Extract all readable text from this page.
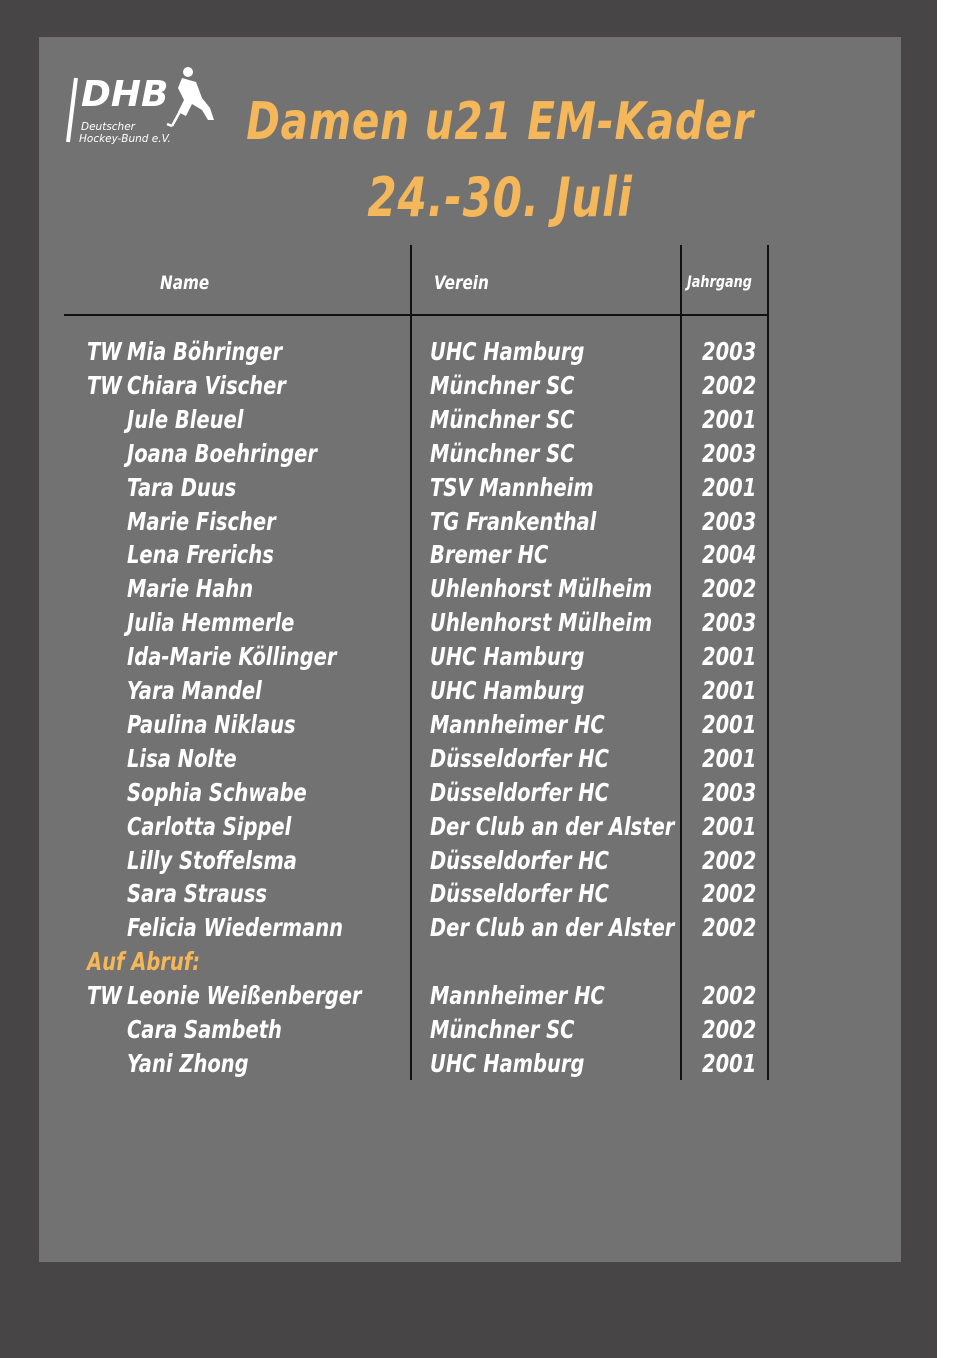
DHB
Deutscher
Hockey-Bund e.V.	Damen u21 EM-Kader
24.-30. Juli
Name	Verein	Jahrgang
TW Mia Böhringer	UHC Hamburg	2003
TW Chiara Vischer	Münchner SC	2002
Jule Bleuel	Münchner SC	2001
Joana Boehringer	Münchner SC	2003
Tara Duus	TSV Mannheim	2001
Marie Fischer	TG Frankenthal	2003
Lena Frerichs	Bremer HC	2004
Marie Hahn	Uhlenhorst Mülheim 2002
Julia Hemmerle	Uhlenhorst Mülheim 2003
Ida-Marie Köllinger	UHC Hamburg	2001
Yara Mandel	UHC Hamburg	2001
Paulina Niklaus	Mannheimer HC	2001
Lisa Nolte	Düsseldorfer HC	2001
Sophia Schwabe	Düsseldorfer HC	2003
Carlotta Sippel	Der Club an der Alster 2001
Lilly Stoffelsma	Düsseldorfer HC	2002
Sara Strauss	Düsseldorfer HC	2002
Felicia Wiedermann	Der Club an der Alster 2002
Auf Abruf:
TW Leonie Weißenberger	Mannheimer HC	2002
Cara Sambeth	Münchner SC	2002
Yani Zhong	UHC Hamburg	2001
